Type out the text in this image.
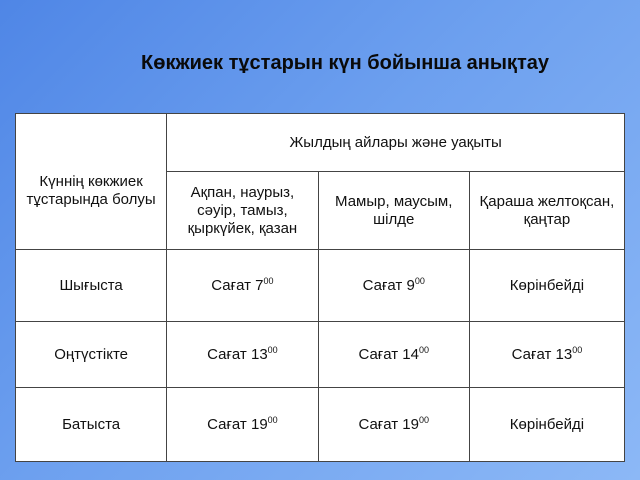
Көкжиек тұстарын күн бойынша анықтау
Күннің көкжиек тұстарында болуы	Жылдың айлары және уақыты		
	Ақпан, наурыз, сәуір, тамыз, қыркүйек, қазан	Мамыр, маусым, шілде	Қараша желтоқсан, қаңтар
Шығыста	Сағат $7^{00}$	Сағат $9^{00}$	Көрінбейді
Оңтүстікте	Сағат $13^{00}$	Сағат $14^{00}$	Сағат $13^{00}$
Батыста	Сағат $19^{00}$	Сағат $19^{00}$	Көрінбейді
